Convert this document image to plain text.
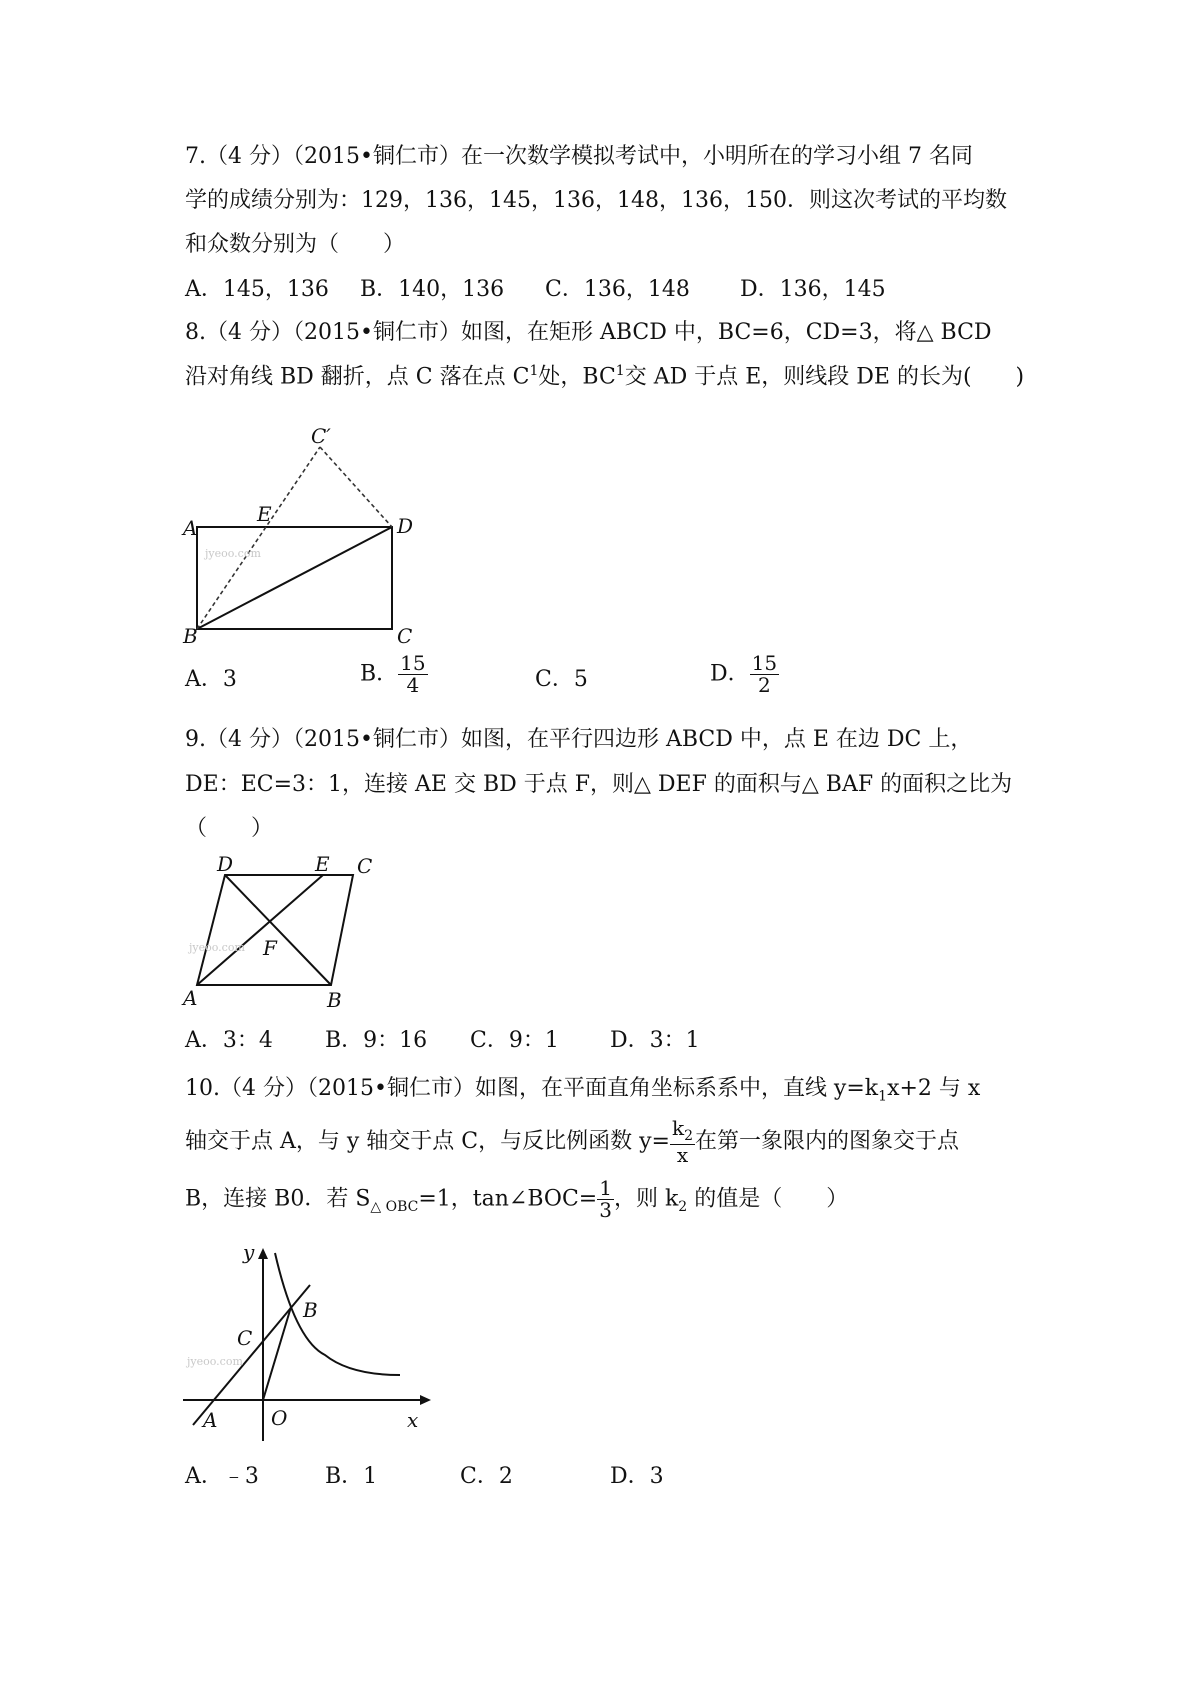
7.（4 分）（2015•铜仁市）在一次数学模拟考试中，小明所在的学习小组 7 名同
学的成绩分别为：129，136，145，136，148，136，150．则这次考试的平均数
和众数分别为（　　）
A．145，136 B．140，136 C．136，148 D．136，145
8.（4 分）（2015•铜仁市）如图，在矩形 ABCD 中，BC=6，CD=3，将△ BCD
沿对角线 BD 翻折，点 C 落在点 $C^1$处，$BC^1$交 AD 于点 E，则线段 DE 的长为(　　)
A
B	C
D
E
C′
jyeoo.com
A．3	B． $\frac{15}{4}$	C．5	D． $\frac{15}{2}$
9.（4 分）（2015•铜仁市）如图，在平行四边形 ABCD 中，点 E 在边 DC 上，
DE：EC=3：1，连接 AE 交 BD 于点 F，则△ DEF 的面积与△ BAF 的面积之比为
（　　）
D	E C
A	B
F
jyeoo.com
A．3：4 B．9：16 C．9：1 D．3：1
10.（4 分）（2015•铜仁市）如图，在平面直角坐标系系中，直线 $y=k_1x+2$ 与 x
轴交于点 A，与 y 轴交于点 C，与反比例函数 $y= \frac{k_2}{x}$ 在第一象限内的图象交于点
B，连接 B0．若 $S_{\triangle OBC}=1$，tan∠BOC= $\frac{1}{3}$ ，则 $k_2$ 的值是（　　）
y
x
O
A
B
C
jyeoo.com
A．﹣3	B．1	C．2	D．3
